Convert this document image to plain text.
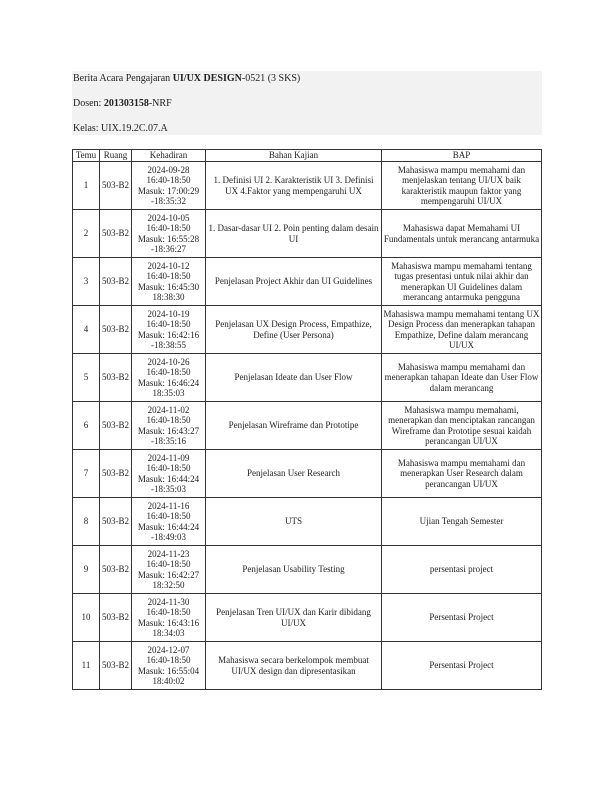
Berita Acara Pengajaran UI/UX DESIGN-0521 (3 SKS)
Dosen: 201303158-NRF
Kelas: UIX.19.2C.07.A
Temu	Ruang	Kehadiran	Bahan Kajian	BAP
1	503-B2	2024-09-28
16:40-18:50
Masuk: 17:00:29
-18:35:32	1. Definisi UI 2. Karakteristik UI 3. Definisi UX 4.Faktor yang mempengaruhi UX	Mahasiswa mampu memahami dan menjelaskan tentang UI/UX baik karakteristik maupun faktor yang mempengaruhi UI/UX
2	503-B2	2024-10-05
16:40-18:50
Masuk: 16:55:28
-18:36:27	1. Dasar-dasar UI 2. Poin penting dalam desain UI	Mahasiswa dapat Memahami UI Fundamentals untuk merancang antarmuka
3	503-B2	2024-10-12
16:40-18:50
Masuk: 16:45:30
18:38:30	Penjelasan Project Akhir dan UI Guidelines	Mahasiswa mampu memahami tentang tugas presentasi untuk nilai akhir dan menerapkan UI Guidelines dalam merancang antarmuka pengguna
4	503-B2	2024-10-19
16:40-18:50
Masuk: 16:42:16
-18:38:55	Penjelasan UX Design Process, Empathize, Define (User Persona)	Mahasiswa mampu memahami tentang UX Design Process dan menerapkan tahapan Empathize, Define dalam merancang UI/UX
5	503-B2	2024-10-26
16:40-18:50
Masuk: 16:46:24
18:35:03	Penjelasan Ideate dan User Flow	Mahasiswa mampu memahami dan menerapkan tahapan Ideate dan User Flow dalam merancang
6	503-B2	2024-11-02
16:40-18:50
Masuk: 16:43:27
-18:35:16	Penjelasan Wireframe dan Prototipe	Mahasiswa mampu memahami, menerapkan dan menciptakan rancangan Wireframe dan Prototipe sesuai kaidah perancangan UI/UX
7	503-B2	2024-11-09
16:40-18:50
Masuk: 16:44:24
-18:35:03	Penjelasan User Research	Mahasiswa mampu memahami dan menerapkan User Research dalam perancangan UI/UX
8	503-B2	2024-11-16
16:40-18:50
Masuk: 16:44:24
-18:49:03	UTS	Ujian Tengah Semester
9	503-B2	2024-11-23
16:40-18:50
Masuk: 16:42:27
18:32:50	Penjelasan Usability Testing	persentasi project
10	503-B2	2024-11-30
16:40-18:50
Masuk: 16:43:16
18:34:03	Penjelasan Tren UI/UX dan Karir dibidang UI/UX	Persentasi Project
11	503-B2	2024-12-07
16:40-18:50
Masuk: 16:55:04
18:40:02	Mahasiswa secara berkelompok membuat UI/UX design dan dipresentasikan	Persentasi Project
